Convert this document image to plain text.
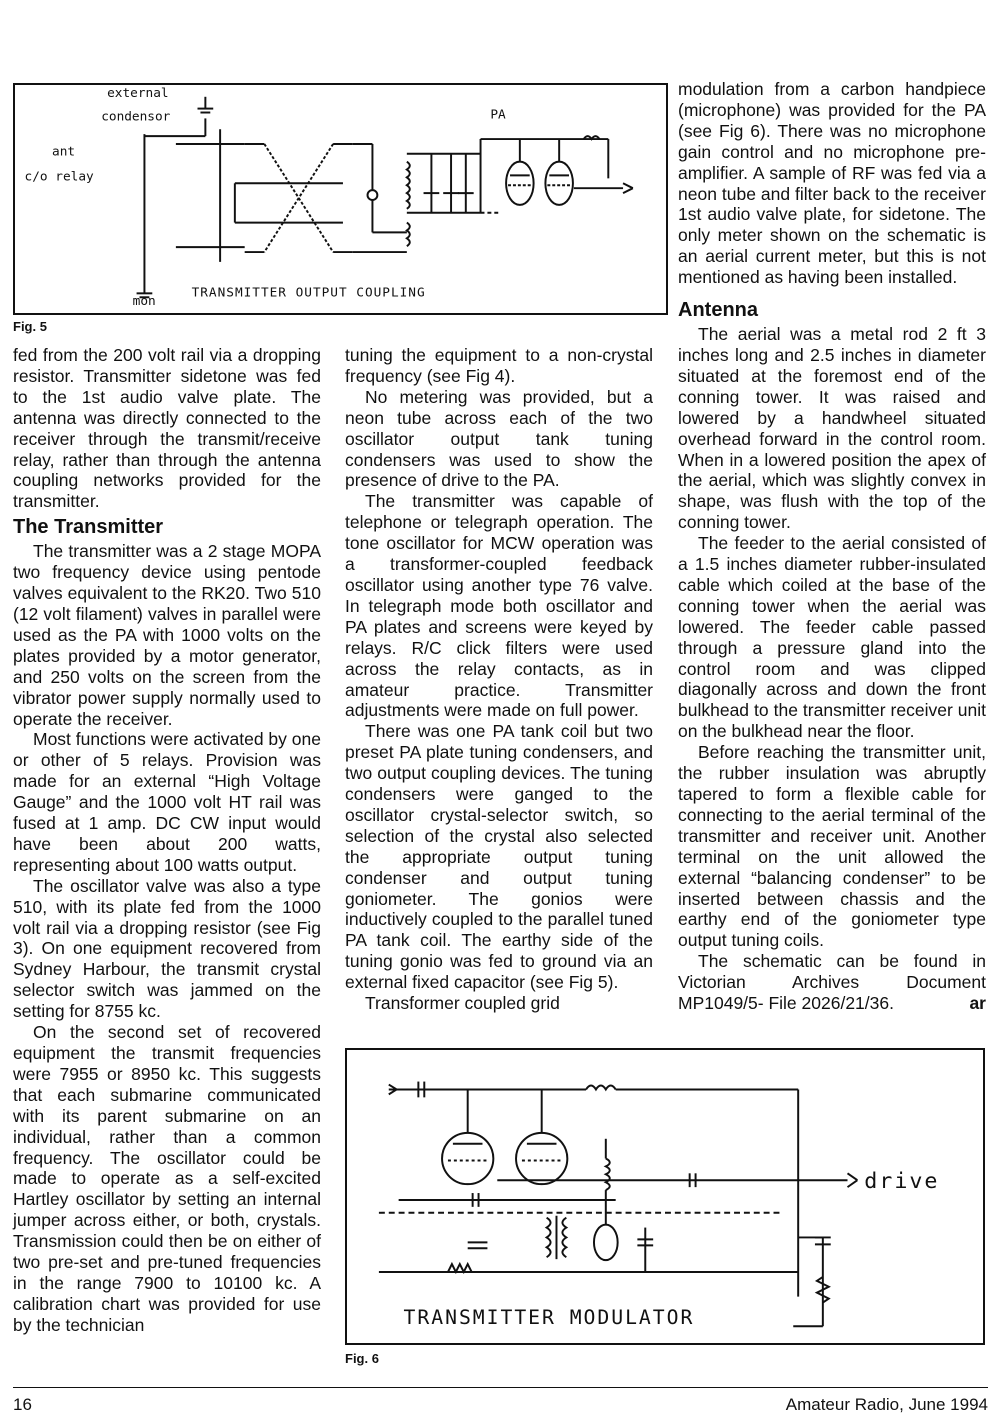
external
condensor
ant
c/o relay
PA
mon
TRANSMITTER OUTPUT COUPLING
Fig. 5

fed from the 200 volt rail via a dropping resistor. Transmitter sidetone was fed to the 1st audio valve plate. The antenna was directly connected to the receiver through the transmit/receive relay, rather than through the antenna coupling networks provided for the transmitter.

The Transmitter

The transmitter was a 2 stage MOPA two frequency device using pentode valves equivalent to the RK20. Two 510 (12 volt filament) valves in parallel were used as the PA with 1000 volts on the plates provided by a motor generator, and 250 volts on the screen from the vibrator power supply normally used to operate the receiver.

Most functions were activated by one or other of 5 relays. Provision was made for an external “High Voltage Gauge” and the 1000 volt HT rail was fused at 1 amp. DC CW input would have been about 200 watts, representing about 100 watts output.

The oscillator valve was also a type 510, with its plate fed from the 1000 volt rail via a dropping resistor (see Fig 3). On one equipment recovered from Sydney Harbour, the transmit crystal selector switch was jammed on the setting for 8755 kc.

On the second set of recovered equipment the transmit frequencies were 7955 or 8950 kc. This suggests that each submarine communicated with its parent submarine on an individual, rather than a common frequency. The oscillator could be made to operate as a self-excited Hartley oscillator by setting an internal jumper across either, or both, crystals. Transmission could then be on either of two pre-set and pre-tuned frequencies in the range 7900 to 10100 kc. A calibration chart was provided for use by the technician

tuning the equipment to a non-crystal frequency (see Fig 4).

No metering was provided, but a neon tube across each of the two oscillator output tank tuning condensers was used to show the presence of drive to the PA.

The transmitter was capable of telephone or telegraph operation. The tone oscillator for MCW operation was a transformer-coupled feedback oscillator using another type 76 valve. In telegraph mode both oscillator and PA plates and screens were keyed by relays. R/C click filters were used across the relay contacts, as in amateur practice. Transmitter adjustments were made on full power.

There was one PA tank coil but two preset PA plate tuning condensers, and two output coupling devices. The tuning condensers were ganged to the oscillator crystal-selector switch, so selection of the crystal also selected the appropriate output tuning condenser and output tuning goniometer. The gonios were inductively coupled to the parallel tuned PA tank coil. The earthy side of the tuning gonio was fed to ground via an external fixed capacitor (see Fig 5).

Transformer coupled grid

modulation from a carbon handpiece (microphone) was provided for the PA (see Fig 6). There was no microphone gain control and no microphone pre-amplifier. A sample of RF was fed via a neon tube and filter back to the receiver 1st audio valve plate, for sidetone. The only meter shown on the schematic is an aerial current meter, but this is not mentioned as having been installed.

Antenna

The aerial was a metal rod 2 ft 3 inches long and 2.5 inches in diameter situated at the foremost end of the conning tower. It was raised and lowered by a handwheel situated overhead forward in the control room. When in a lowered position the apex of the aerial, which was slightly convex in shape, was flush with the top of the conning tower.

The feeder to the aerial consisted of a 1.5 inches diameter rubber-insulated cable which coiled at the base of the conning tower when the aerial was lowered. The feeder cable passed through a pressure gland into the control room and was clipped diagonally across and down the front bulkhead to the transmitter receiver unit on the bulkhead near the floor.

Before reaching the transmitter unit, the rubber insulation was abruptly tapered to form a flexible cable for connecting to the aerial terminal of the transmitter and receiver unit. Another terminal on the unit allowed the external “balancing condenser” to be inserted between chassis and the earthy end of the goniometer type output tuning coils.

The schematic can be found in Victorian Archives Document MP1049/5- File 2026/21/36.	ar

drive
TRANSMITTER MODULATOR
Fig. 6
16	Amateur Radio, June 1994
